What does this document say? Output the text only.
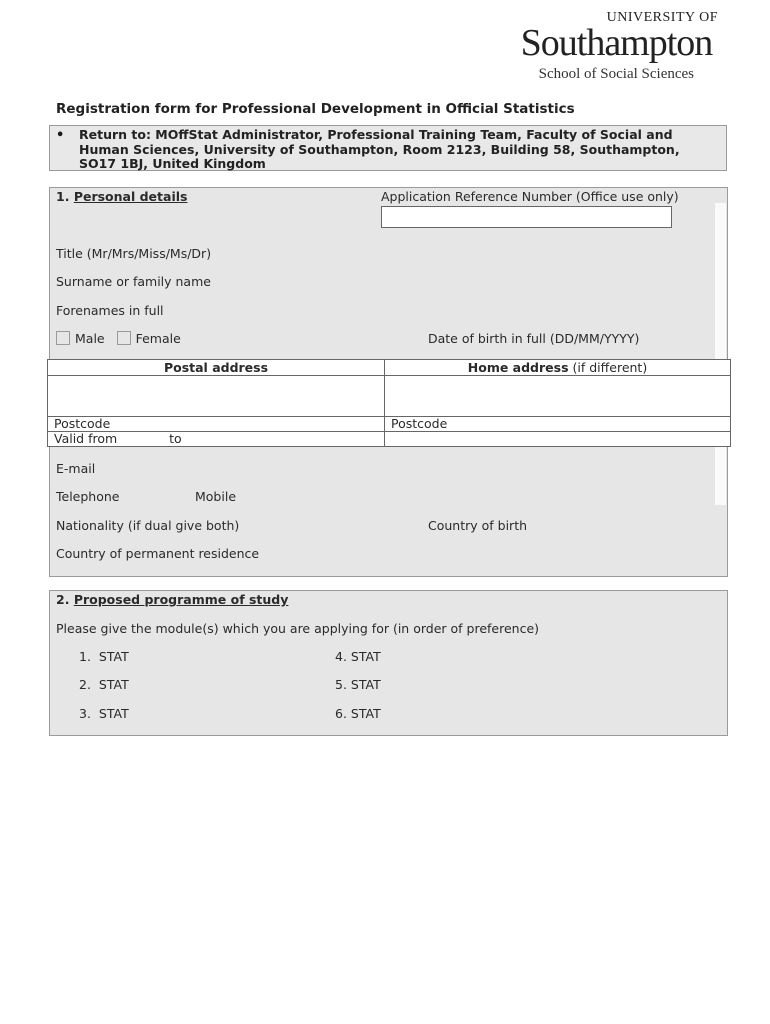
UNIVERSITY OF
Southampton
School of Social Sciences
Registration form for Professional Development in Official Statistics
• Return to: MOffStat Administrator, Professional Training Team, Faculty of Social and Human Sciences, University of Southampton, Room 2123, Building 58, Southampton, SO17 1BJ, United Kingdom
1. Personal details	Application Reference Number (Office use only)
Title (Mr/Mrs/Miss/Ms/Dr)
Surname or family name
Forenames in full
Male Female	Date of birth in full (DD/MM/YYYY)
E-mail
Telephone	Mobile
Nationality (if dual give both)	Country of birth
Country of permanent residence
Postal address	Home address (if different)

Postcode	Postcode
Valid from to	
2. Proposed programme of study
Please give the module(s) which you are applying for (in order of preference)
1. STAT
2. STAT
3. STAT
4. STAT
5. STAT
6. STAT
